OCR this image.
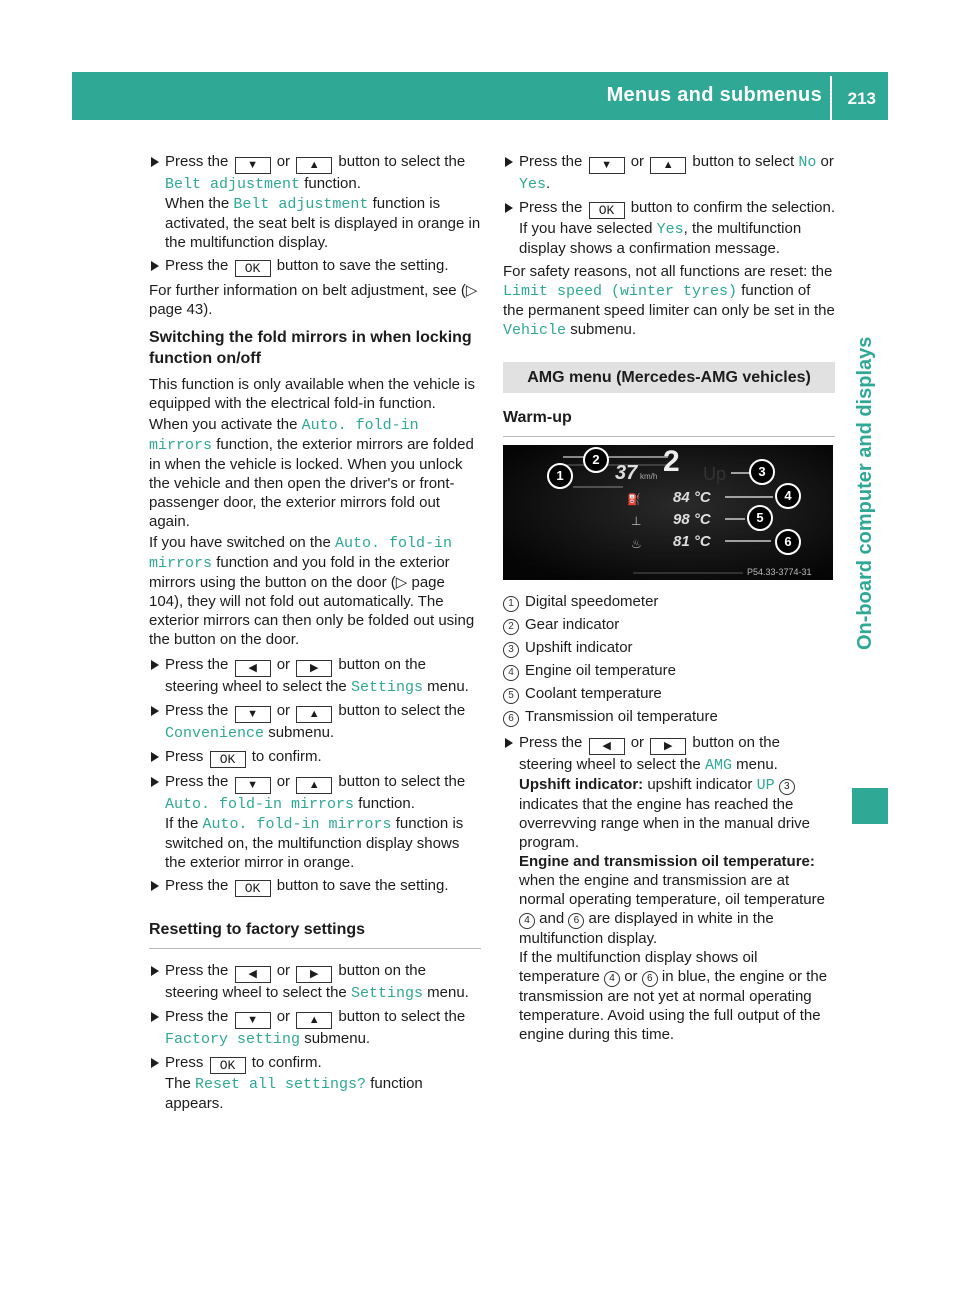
Menus and submenus 213
On-board computer and displays
Press the ▼ or ▲ button to select the Belt adjustment function.
When the Belt adjustment function is activated, the seat belt is displayed in orange in the multifunction display.
Press the OK button to save the setting.

For further information on belt adjustment, see (▷ page 43).

Switching the fold mirrors in when locking function on/off

This function is only available when the vehicle is equipped with the electrical fold-in function.

When you activate the Auto. fold-in mirrors function, the exterior mirrors are folded in when the vehicle is locked. When you unlock the vehicle and then open the driver's or front-passenger door, the exterior mirrors fold out again.

If you have switched on the Auto. fold-in mirrors function and you fold in the exterior mirrors using the button on the door (▷ page 104), they will not fold out automatically. The exterior mirrors can then only be folded out using the button on the door.

Press the ◀ or ▶ button on the steering wheel to select the Settings menu.
Press the ▼ or ▲ button to select the Convenience submenu.
Press OK to confirm.
Press the ▼ or ▲ button to select the Auto. fold-in mirrors function.
If the Auto. fold-in mirrors function is switched on, the multifunction display shows the exterior mirror in orange.
Press the OK button to save the setting.
Resetting to factory settings
Press the ◀ or ▶ button on the steering wheel to select the Settings menu.
Press the ▼ or ▲ button to select the Factory setting submenu.
Press OK to confirm.
The Reset all settings? function appears.
Press the ▼ or ▲ button to select No or Yes.
Press the OK button to confirm the selection.
If you have selected Yes, the multifunction display shows a confirmation message.

For safety reasons, not all functions are reset: the Limit speed (winter tyres) function of the permanent speed limiter can only be set in the Vehicle submenu.

AMG menu (Mercedes-AMG vehicles)
Warm-up
37 km/h 2 Up
⛽ 84 °C
⊥ 98 °C
♨ 81 °C
P54.33-3774-31
1
2
3
4
5
6
1 Digital speedometer
2 Gear indicator
3 Upshift indicator
4 Engine oil temperature
5 Coolant temperature
6 Transmission oil temperature
Press the ◀ or ▶ button on the steering wheel to select the AMG menu.
Upshift indicator: upshift indicator UP 3 indicates that the engine has reached the overrevving range when in the manual drive program.
Engine and transmission oil temperature: when the engine and transmission are at normal operating temperature, oil temperature 4 and 6 are displayed in white in the multifunction display.
If the multifunction display shows oil temperature 4 or 6 in blue, the engine or the transmission are not yet at normal operating temperature. Avoid using the full output of the engine during this time.
